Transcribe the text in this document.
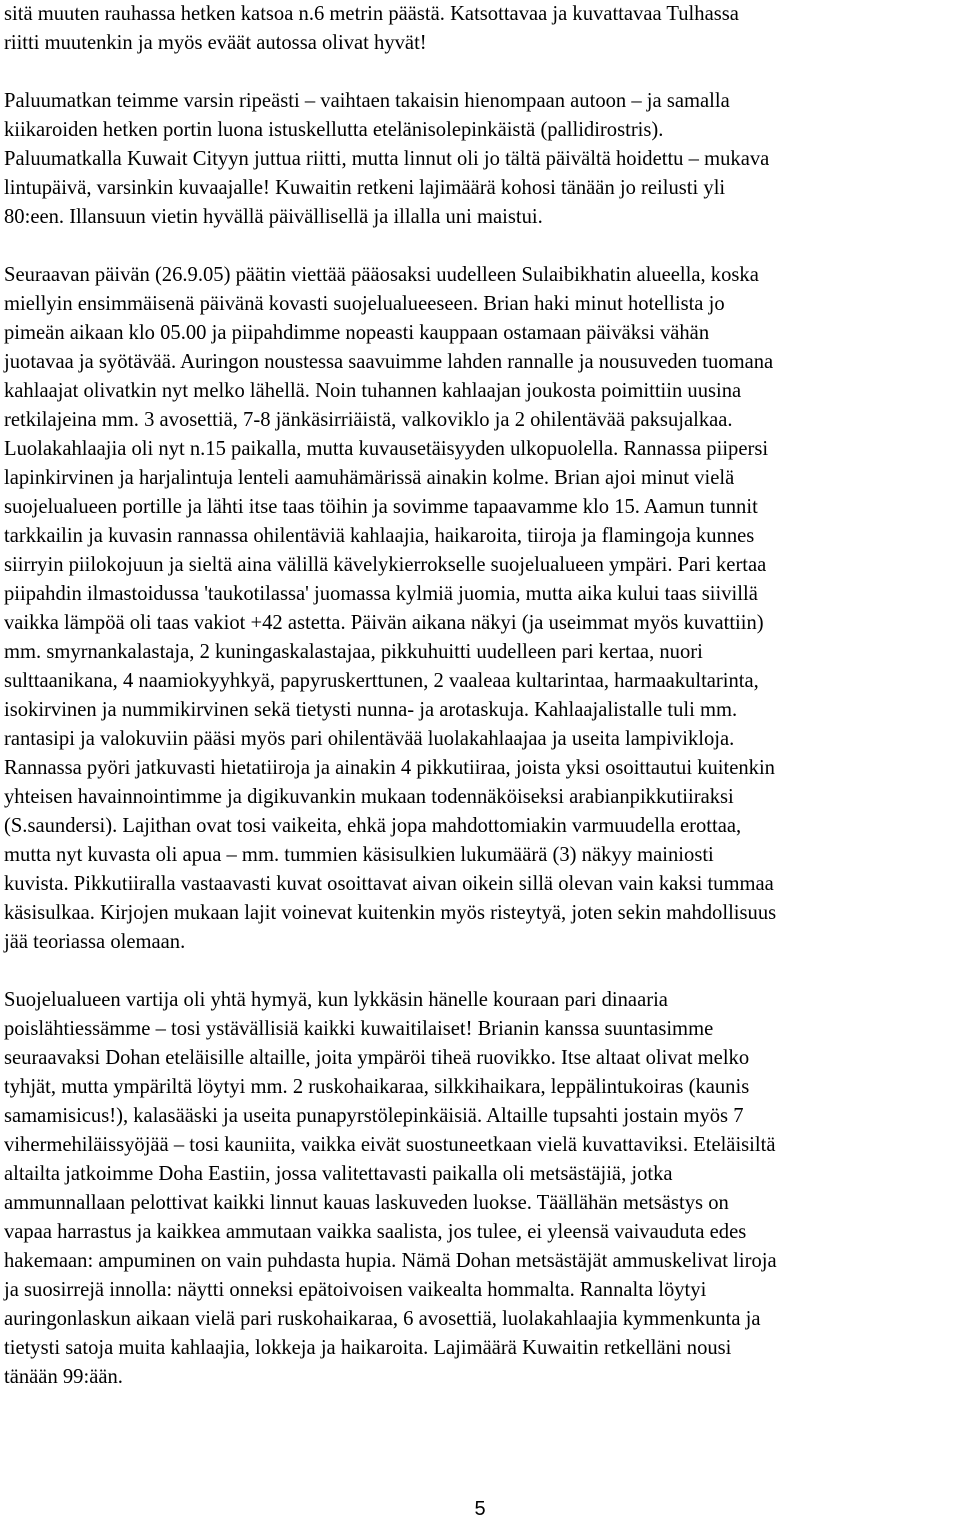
sitä muuten rauhassa hetken katsoa n.6 metrin päästä. Katsottavaa ja kuvattavaa Tulhassa
riitti muutenkin ja myös eväät autossa olivat hyvät!
Paluumatkan teimme varsin ripeästi – vaihtaen takaisin hienompaan autoon – ja samalla
kiikaroiden hetken portin luona istuskellutta etelänisolepinkäistä (pallidirostris).
Paluumatkalla Kuwait Cityyn juttua riitti, mutta linnut oli jo tältä päivältä hoidettu – mukava
lintupäivä, varsinkin kuvaajalle! Kuwaitin retkeni lajimäärä kohosi tänään jo reilusti yli
80:een. Illansuun vietin hyvällä päivällisellä ja illalla uni maistui.
Seuraavan päivän (26.9.05) päätin viettää pääosaksi uudelleen Sulaibikhatin alueella, koska
miellyin ensimmäisenä päivänä kovasti suojelualueeseen. Brian haki minut hotellista jo
pimeän aikaan klo 05.00 ja piipahdimme nopeasti kauppaan ostamaan päiväksi vähän
juotavaa ja syötävää. Auringon noustessa saavuimme lahden rannalle ja nousuveden tuomana
kahlaajat olivatkin nyt melko lähellä. Noin tuhannen kahlaajan joukosta poimittiin uusina
retkilajeina mm. 3 avosettiä, 7-8 jänkäsirriäistä, valkoviklo ja 2 ohilentävää paksujalkaa.
Luolakahlaajia oli nyt n.15 paikalla, mutta kuvausetäisyyden ulkopuolella. Rannassa piipersi
lapinkirvinen ja harjalintuja lenteli aamuhämärissä ainakin kolme. Brian ajoi minut vielä
suojelualueen portille ja lähti itse taas töihin ja sovimme tapaavamme klo 15. Aamun tunnit
tarkkailin ja kuvasin rannassa ohilentäviä kahlaajia, haikaroita, tiiroja ja flamingoja kunnes
siirryin piilokojuun ja sieltä aina välillä kävelykierrokselle suojelualueen ympäri. Pari kertaa
piipahdin ilmastoidussa 'taukotilassa' juomassa kylmiä juomia, mutta aika kului taas siivillä
vaikka lämpöä oli taas vakiot +42 astetta. Päivän aikana näkyi (ja useimmat myös kuvattiin)
mm. smyrnankalastaja, 2 kuningaskalastajaa, pikkuhuitti uudelleen pari kertaa, nuori
sulttaanikana, 4 naamiokyyhkyä, papyruskerttunen, 2 vaaleaa kultarintaa, harmaakultarinta,
isokirvinen ja nummikirvinen sekä tietysti nunna- ja arotaskuja. Kahlaajalistalle tuli mm.
rantasipi ja valokuviin pääsi myös pari ohilentävää luolakahlaajaa ja useita lampivikloja.
Rannassa pyöri jatkuvasti hietatiiroja ja ainakin 4 pikkutiiraa, joista yksi osoittautui kuitenkin
yhteisen havainnointimme ja digikuvankin mukaan todennäköiseksi arabianpikkutiiraksi
(S.saundersi). Lajithan ovat tosi vaikeita, ehkä jopa mahdottomiakin varmuudella erottaa,
mutta nyt kuvasta oli apua – mm. tummien käsisulkien lukumäärä (3) näkyy mainiosti
kuvista. Pikkutiiralla vastaavasti kuvat osoittavat aivan oikein sillä olevan vain kaksi tummaa
käsisulkaa. Kirjojen mukaan lajit voinevat kuitenkin myös risteytyä, joten sekin mahdollisuus
jää teoriassa olemaan.
Suojelualueen vartija oli yhtä hymyä, kun lykkäsin hänelle kouraan pari dinaaria
poislähtiessämme – tosi ystävällisiä kaikki kuwaitilaiset! Brianin kanssa suuntasimme
seuraavaksi Dohan eteläisille altaille, joita ympäröi tiheä ruovikko. Itse altaat olivat melko
tyhjät, mutta ympäriltä löytyi mm. 2 ruskohaikaraa, silkkihaikara, leppälintukoiras (kaunis
samamisicus!), kalasääski ja useita punapyrstölepinkäisiä. Altaille tupsahti jostain myös 7
vihermehiläissyöjää – tosi kauniita, vaikka eivät suostuneetkaan vielä kuvattaviksi. Eteläisiltä
altailta jatkoimme Doha Eastiin, jossa valitettavasti paikalla oli metsästäjiä, jotka
ammunnallaan pelottivat kaikki linnut kauas laskuveden luokse. Täällähän metsästys on
vapaa harrastus ja kaikkea ammutaan vaikka saalista, jos tulee, ei yleensä vaivauduta edes
hakemaan: ampuminen on vain puhdasta hupia. Nämä Dohan metsästäjät ammuskelivat liroja
ja suosirrejä innolla: näytti onneksi epätoivoisen vaikealta hommalta. Rannalta löytyi
auringonlaskun aikaan vielä pari ruskohaikaraa, 6 avosettiä, luolakahlaajia kymmenkunta ja
tietysti satoja muita kahlaajia, lokkeja ja haikaroita. Lajimäärä Kuwaitin retkelläni nousi
tänään 99:ään.
5
